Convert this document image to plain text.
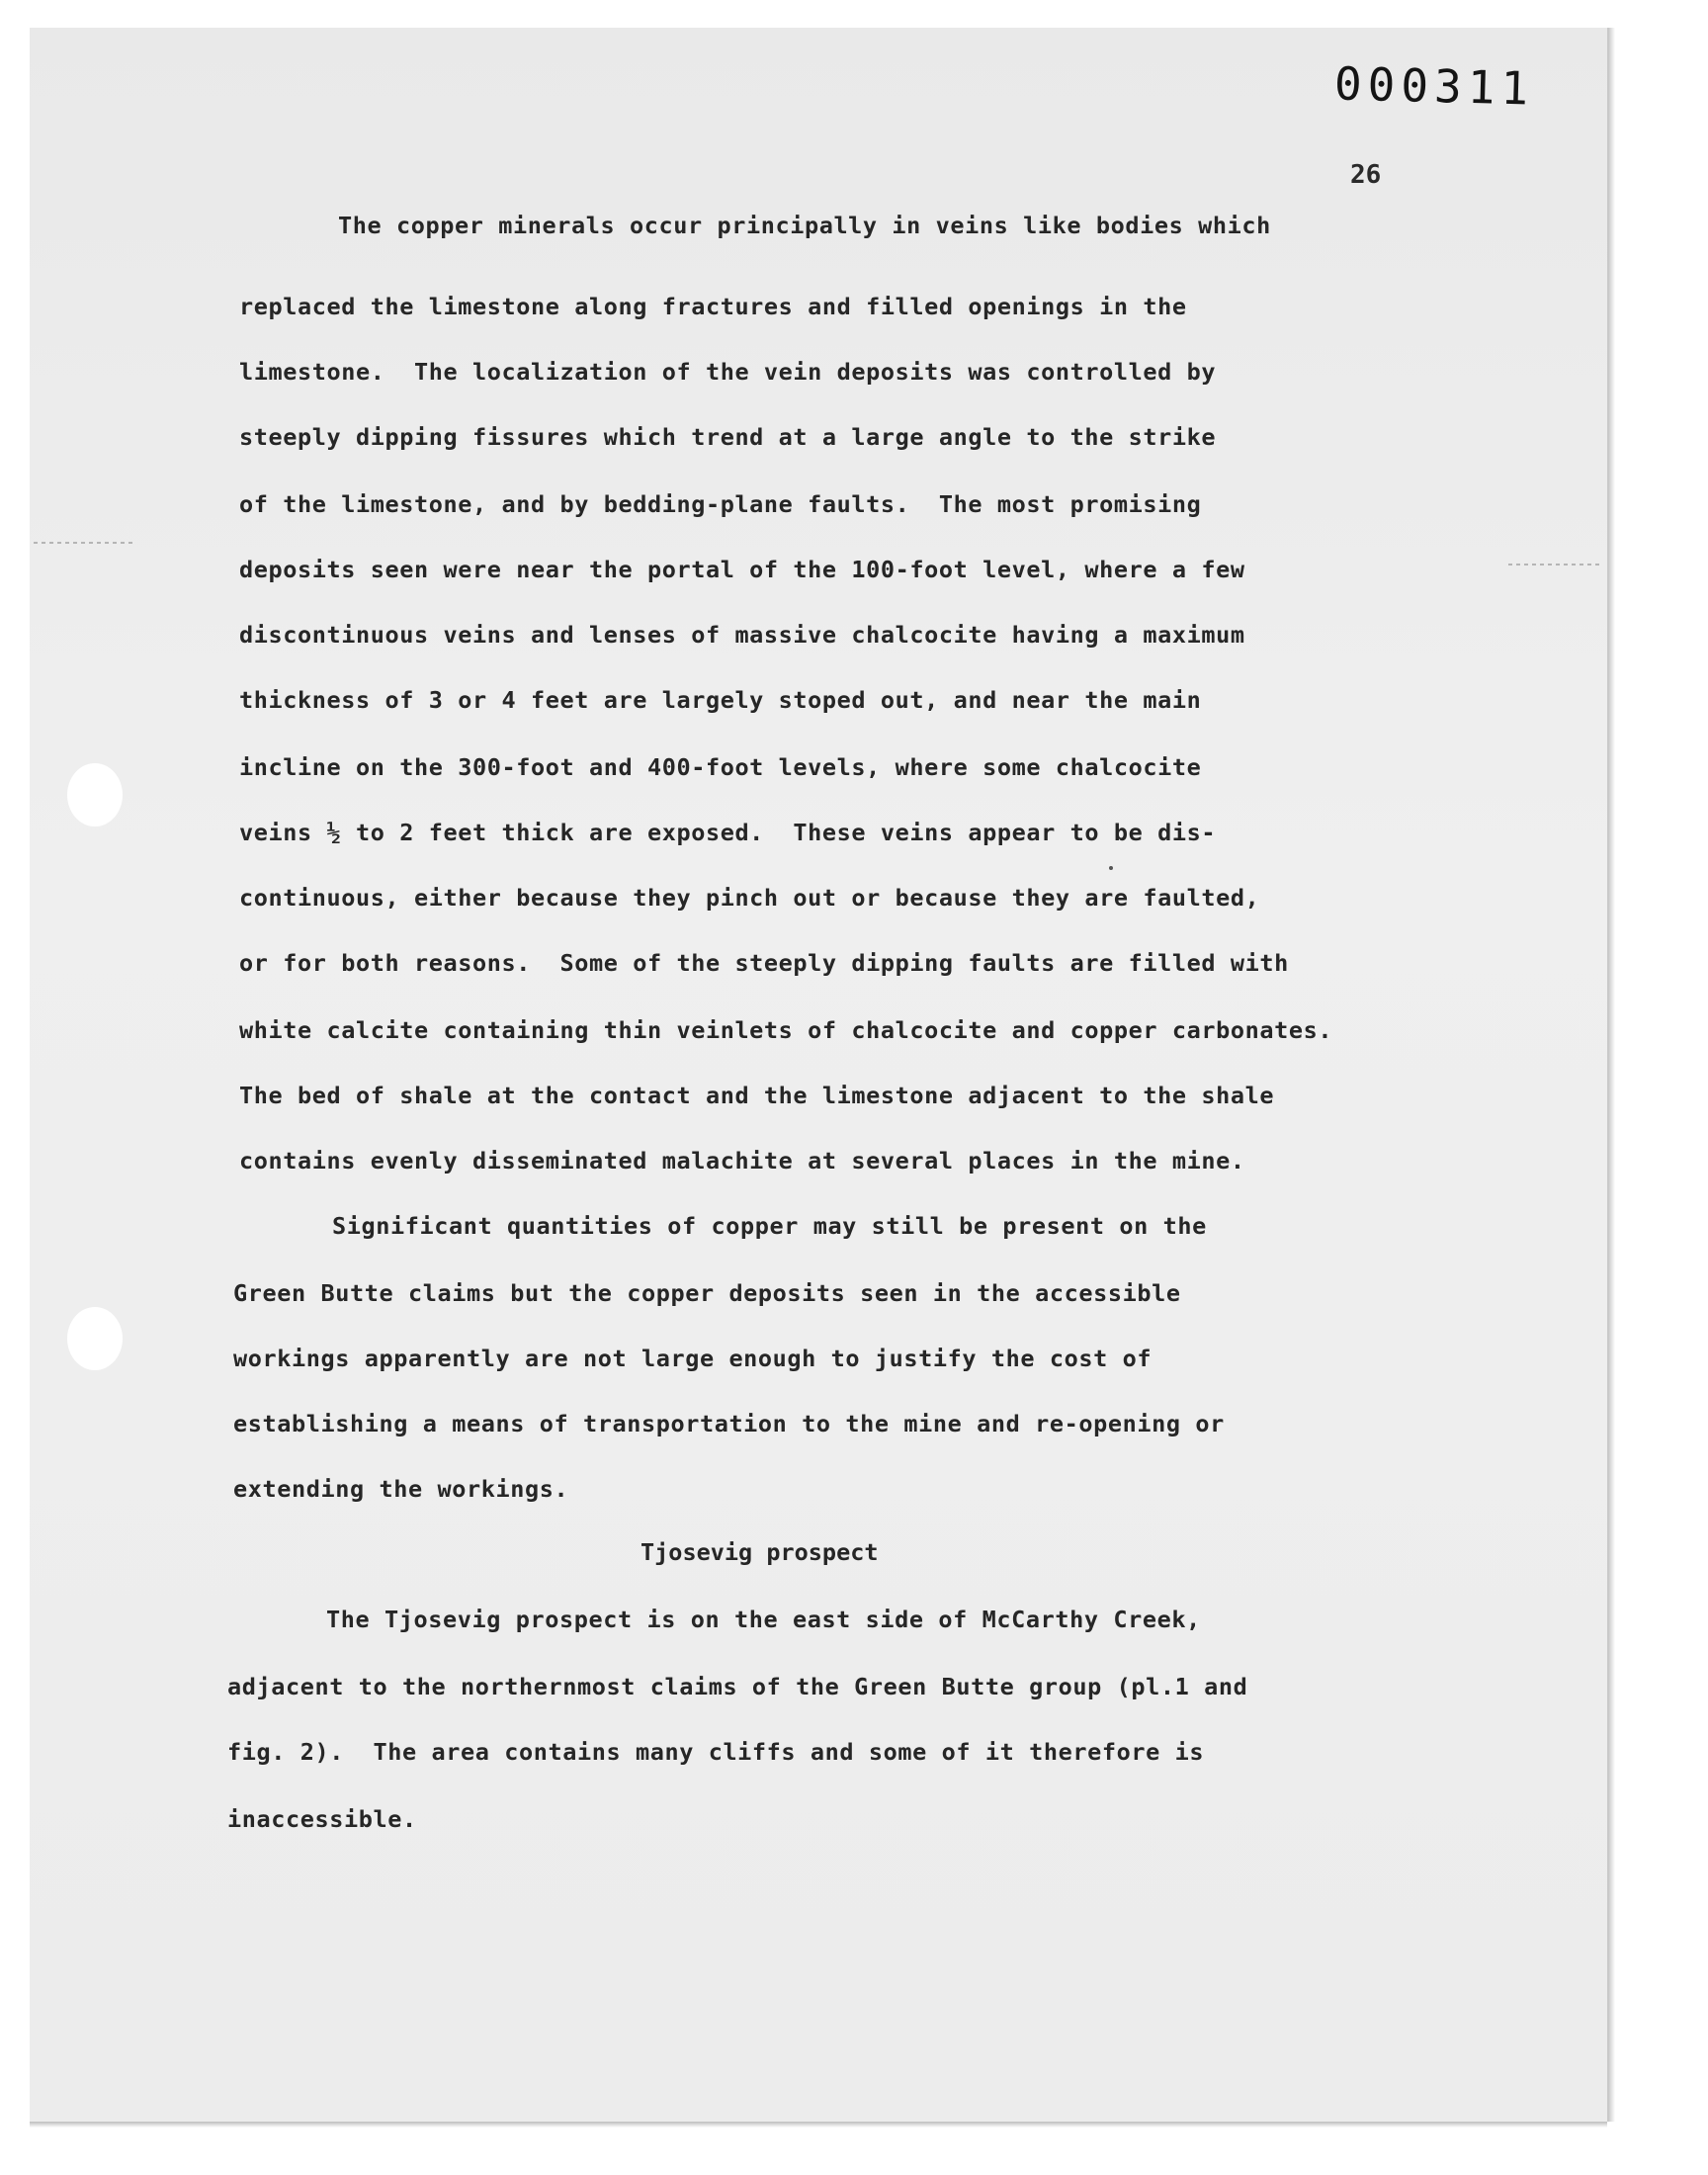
000311
26
The copper minerals occur principally in veins like bodies which
replaced the limestone along fractures and filled openings in the
limestone.  The localization of the vein deposits was controlled by
steeply dipping fissures which trend at a large angle to the strike
of the limestone, and by bedding-plane faults.  The most promising
deposits seen were near the portal of the 100-foot level, where a few
discontinuous veins and lenses of massive chalcocite having a maximum
thickness of 3 or 4 feet are largely stoped out, and near the main
incline on the 300-foot and 400-foot levels, where some chalcocite
veins ½ to 2 feet thick are exposed.  These veins appear to be dis-
continuous, either because they pinch out or because they are faulted,
or for both reasons.  Some of the steeply dipping faults are filled with
white calcite containing thin veinlets of chalcocite and copper carbonates.
The bed of shale at the contact and the limestone adjacent to the shale
contains evenly disseminated malachite at several places in the mine.
Significant quantities of copper may still be present on the
Green Butte claims but the copper deposits seen in the accessible
workings apparently are not large enough to justify the cost of
establishing a means of transportation to the mine and re-opening or
extending the workings.
Tjosevig prospect
The Tjosevig prospect is on the east side of McCarthy Creek,
adjacent to the northernmost claims of the Green Butte group (pl.1 and
fig. 2).  The area contains many cliffs and some of it therefore is
inaccessible.
